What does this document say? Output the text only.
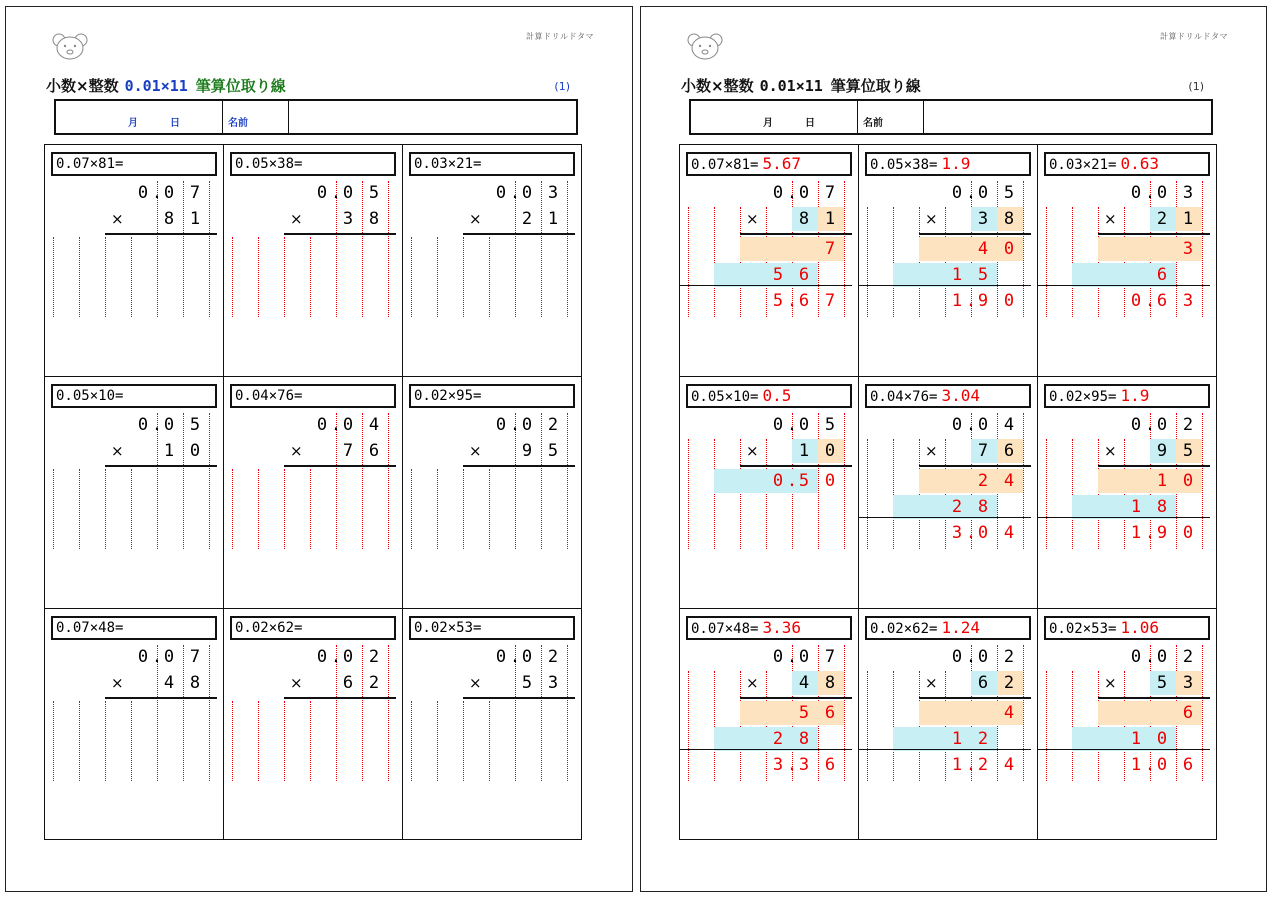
計算ドリルドタマ
小数×整数 0.01×11 筆算位取り線	(1)
月	日	名前
0.07×81=
0 . 0 7
×	8 1
0.05×38=
0 . 0 5
×	3 8
0.03×21=
0 . 0 3
×	2 1
0.05×10=
0 . 0 5
×	1 0
0.04×76=
0 . 0 4
×	7 6
0.02×95=
0 . 0 2
×	9 5
0.07×48=
0 . 0 7
×	4 8
0.02×62=
0 . 0 2
×	6 2
0.02×53=
0 . 0 2
×	5 3
計算ドリルドタマ
小数×整数 0.01×11 筆算位取り線	(1)
月	日	名前
0.07×81= 5.67
0 . 0 7
×	8 1
7
5 6
5 6 7
.
0.05×38= 1.9
0 . 0 5
×	3 8
4 0
1 5
1 9 0
.
0.03×21= 0.63
0 . 0 3
×	2 1
3
6
0 6 3
.
0.05×10= 0.5
0 . 0 5
×	1 0
0 5 0
.
0.04×76= 3.04
0 . 0 4
×	7 6
2 4
2 8
3 0 4
.
0.02×95= 1.9
0 . 0 2
×	9 5
1 0
1 8
1 9 0
.
0.07×48= 3.36
0 . 0 7
×	4 8
5 6
2 8
3 3 6
.
0.02×62= 1.24
0 . 0 2
×	6 2
4
1 2
1 2 4
.
0.02×53= 1.06
0 . 0 2
×	5 3
6
1 0
1 0 6
.
